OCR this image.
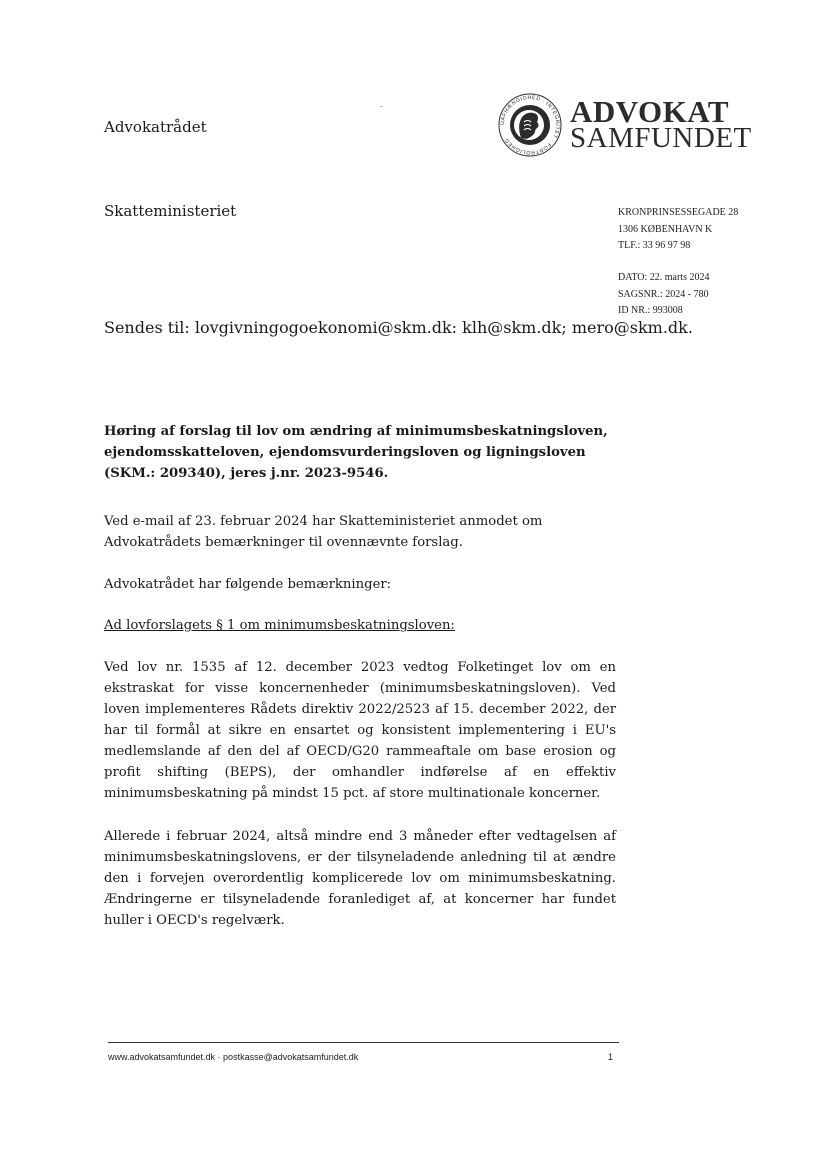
Advokatrådet	UAFHÆNGIGHED · INTEGRITET · FORTROLIGHED
ADVOKAT
SAMFUNDET
Skatteministeriet	KRONPRINSESSEGADE 28
1306 KØBENHAVN K
TLF.: 33 96 97 98
DATO: 22. marts 2024
SAGSNR.: 2024 - 780
ID NR.: 993008
Sendes til: lovgivningogoekonomi@skm.dk: klh@skm.dk; mero@skm.dk.
Høring af forslag til lov om ændring af minimumsbeskatningsloven, ejendomsskatteloven, ejendomsvurderingsloven og ligningsloven (SKM.: 209340), jeres j.nr. 2023-9546.
Ved e-mail af 23. februar 2024 har Skatteministeriet anmodet om Advokatrådets bemærkninger til ovennævnte forslag.
Advokatrådet har følgende bemærkninger:
Ad lovforslagets § 1 om minimumsbeskatningsloven:
Ved lov nr. 1535 af 12. december 2023 vedtog Folketinget lov om en ekstraskat for visse koncernenheder (minimumsbeskatningsloven). Ved loven implementeres Rådets direktiv 2022/2523 af 15. december 2022, der har til formål at sikre en ensartet og konsistent implementering i EU's medlemslande af den del af OECD/G20 rammeaftale om base erosion og profit shifting (BEPS), der omhandler indførelse af en effektiv minimumsbeskatning på mindst 15 pct. af store multinationale koncerner.
Allerede i februar 2024, altså mindre end 3 måneder efter vedtagelsen af minimumsbeskatningslovens, er der tilsyneladende anledning til at ændre den i forvejen overordentlig komplicerede lov om minimumsbeskatning. Ændringerne er tilsyneladende foranlediget af, at koncerner har fundet huller i OECD's regelværk.
www.advokatsamfundet.dk · postkasse@advokatsamfundet.dk	1
